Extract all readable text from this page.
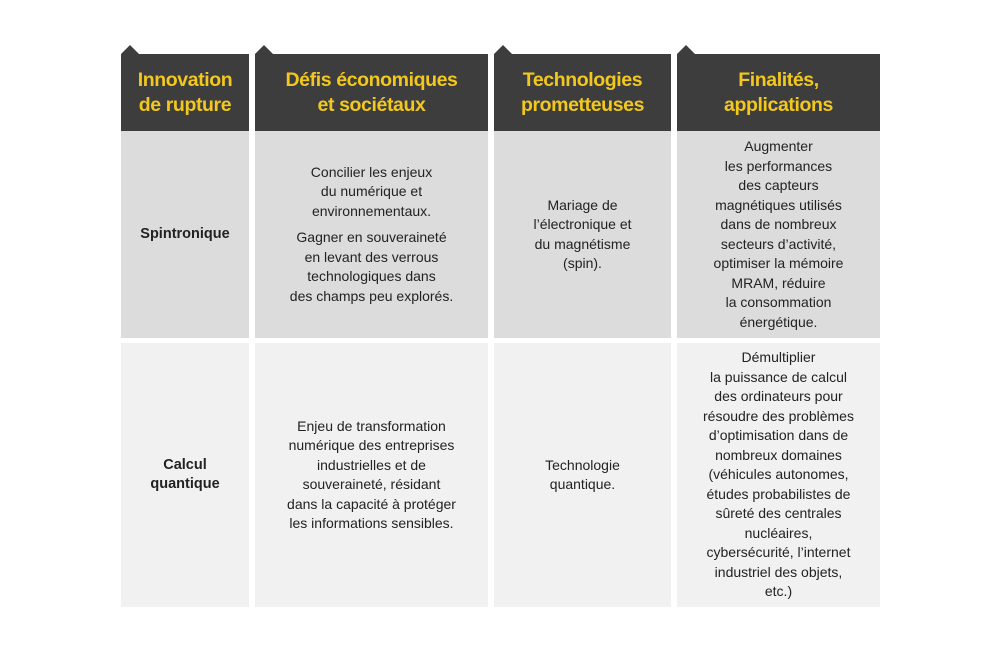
Innovation
de rupture
Défis économiques
et sociétaux
Technologies
prometteuses
Finalités,
applications
Spintronique
Concilier les enjeux
du numérique et
environnementaux.
Gagner en souveraineté
en levant des verrous
technologiques dans
des champs peu explorés.
Mariage de
l’électronique et
du magnétisme
(spin).
Augmenter
les performances
des capteurs
magnétiques utilisés
dans de nombreux
secteurs d’activité,
optimiser la mémoire
MRAM, réduire
la consommation
énergétique.
Calcul
quantique
Enjeu de transformation
numérique des entreprises
industrielles et de
souveraineté, résidant
dans la capacité à protéger
les informations sensibles.
Technologie
quantique.
Démultiplier
la puissance de calcul
des ordinateurs pour
résoudre des problèmes
d’optimisation dans de
nombreux domaines
(véhicules autonomes,
études probabilistes de
sûreté des centrales
nucléaires,
cybersécurité, l’internet
industriel des objets,
etc.)
